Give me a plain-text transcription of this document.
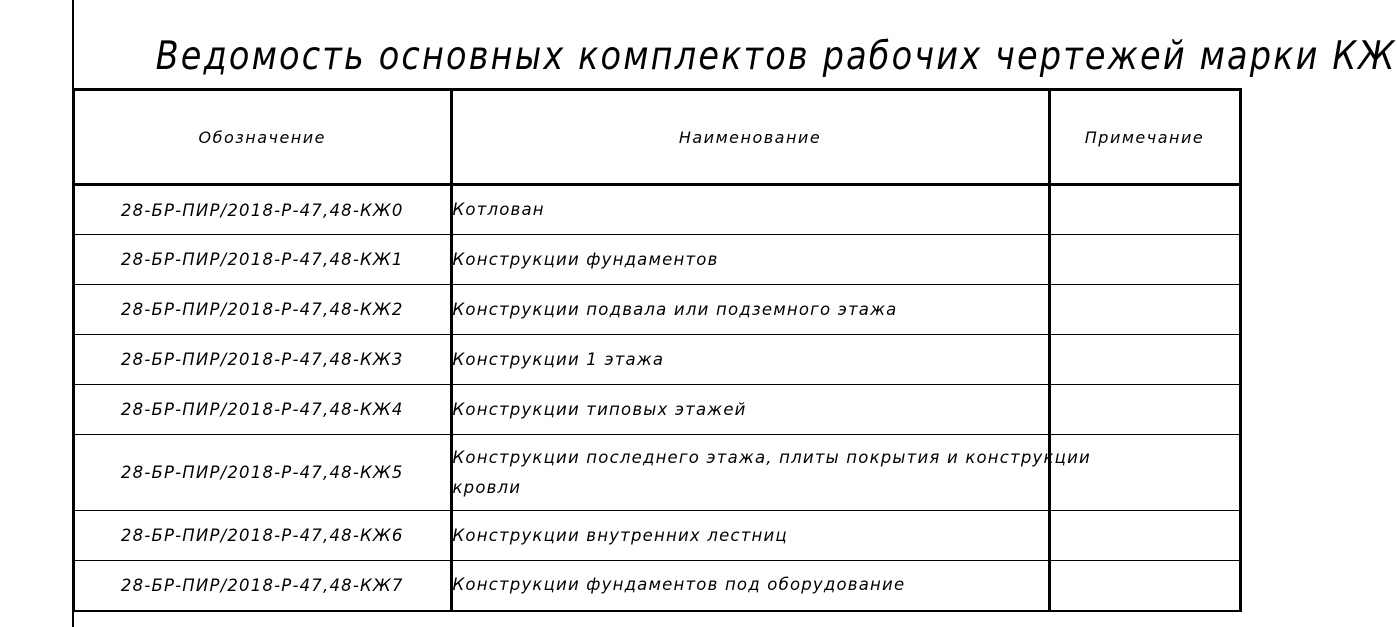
Ведомость основных комплектов рабочих чертежей марки КЖ
Обозначение	Наименование	Примечание
28-БР-ПИР/2018-Р-47,48-КЖ0	Котлован	
28-БР-ПИР/2018-Р-47,48-КЖ1	Конструкции фундаментов	
28-БР-ПИР/2018-Р-47,48-КЖ2	Конструкции подвала или подземного этажа	
28-БР-ПИР/2018-Р-47,48-КЖ3	Конструкции 1 этажа	
28-БР-ПИР/2018-Р-47,48-КЖ4	Конструкции типовых этажей	
28-БР-ПИР/2018-Р-47,48-КЖ5	Конструкции последнего этажа, плиты покрытия и конструкции
кровли	
28-БР-ПИР/2018-Р-47,48-КЖ6	Конструкции внутренних лестниц	
28-БР-ПИР/2018-Р-47,48-КЖ7	Конструкции фундаментов под оборудование	
